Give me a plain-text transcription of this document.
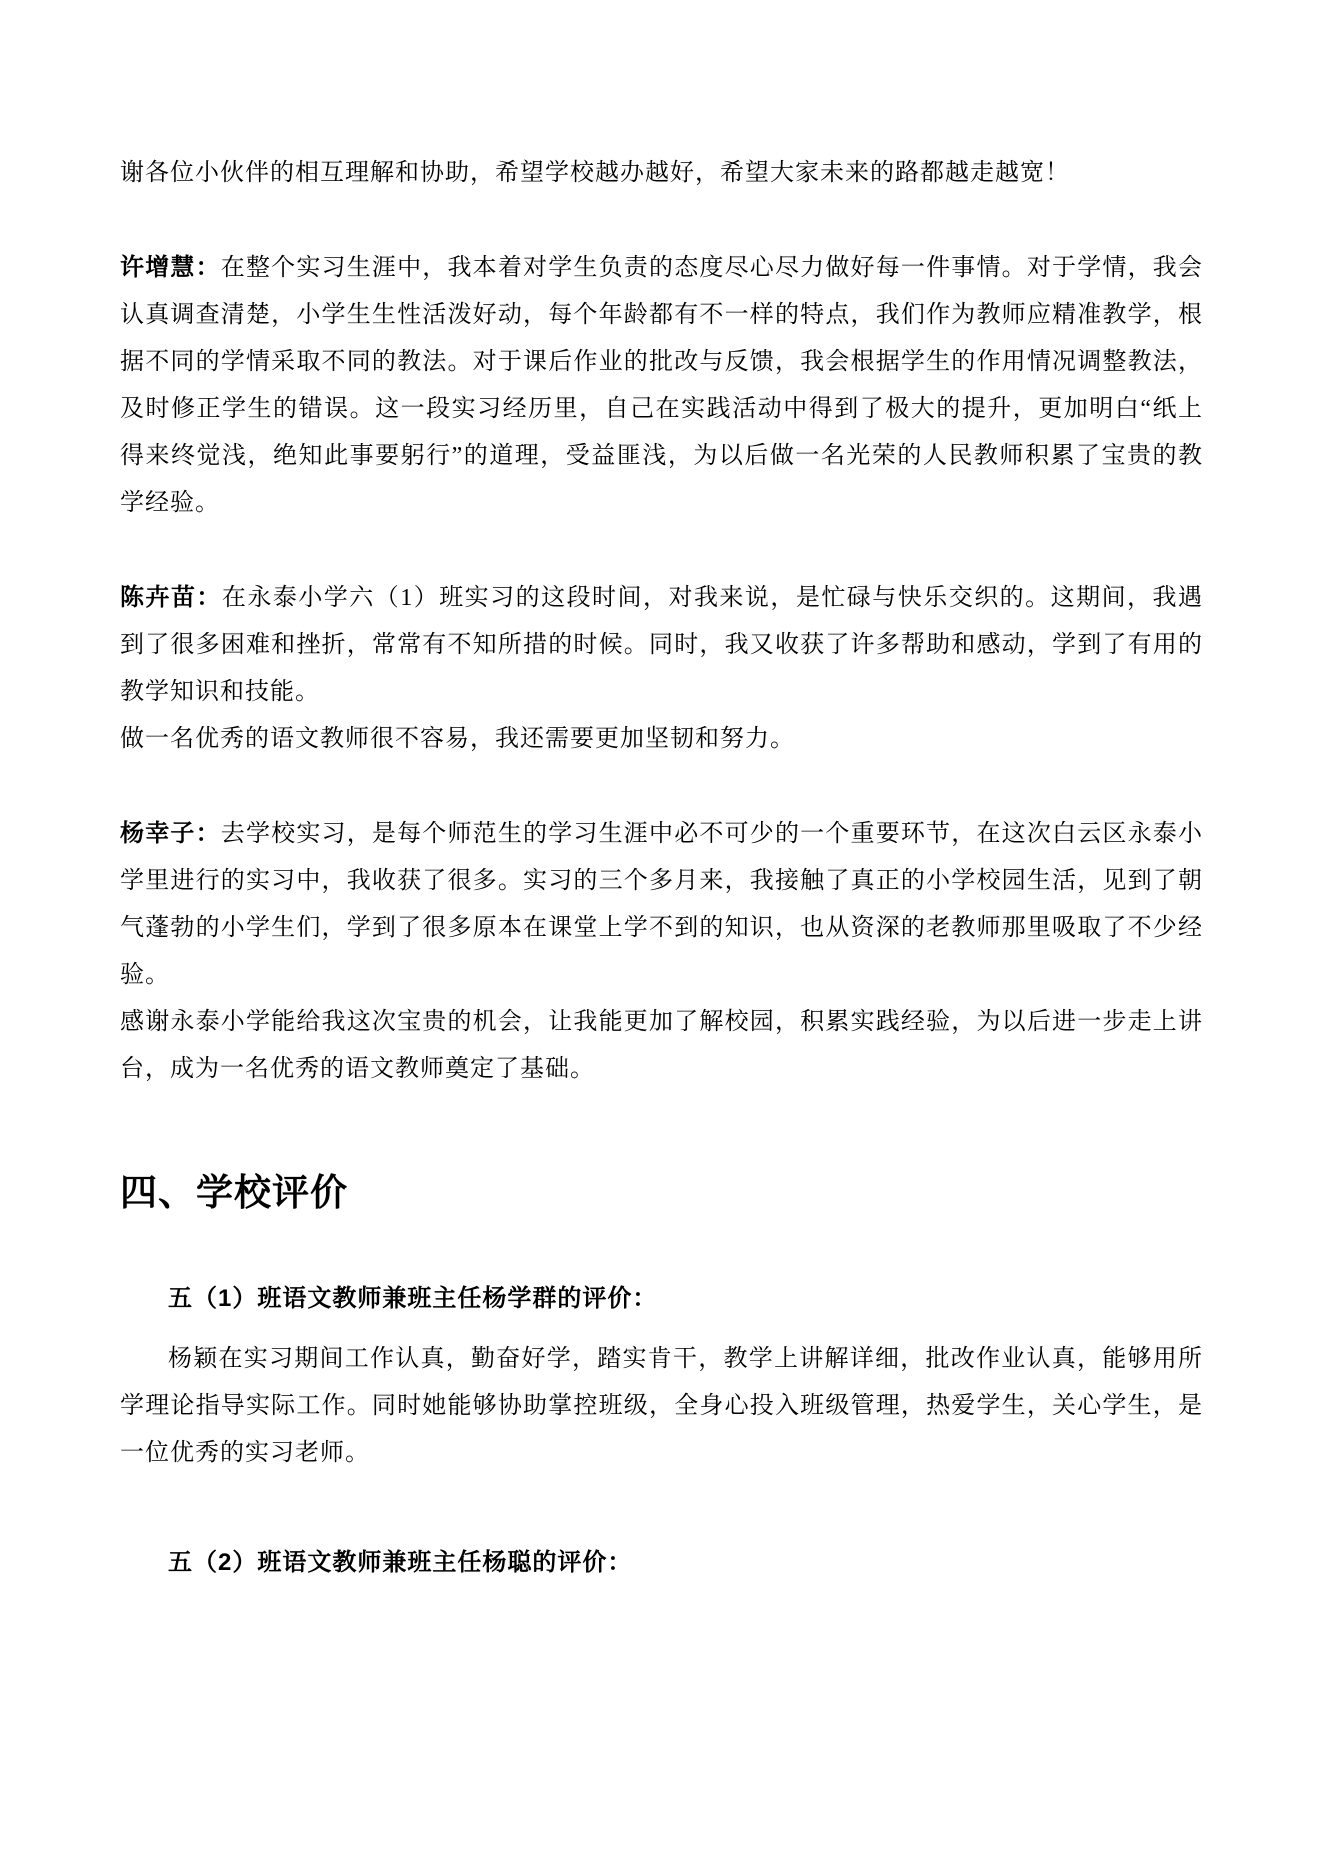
谢各位小伙伴的相互理解和协助，希望学校越办越好，希望大家未来的路都越走越宽！

许增慧：在整个实习生涯中，我本着对学生负责的态度尽心尽力做好每一件事情。对于学情，我会认真调查清楚，小学生生性活泼好动，每个年龄都有不一样的特点，我们作为教师应精准教学，根据不同的学情采取不同的教法。对于课后作业的批改与反馈，我会根据学生的作用情况调整教法，及时修正学生的错误。这一段实习经历里，自己在实践活动中得到了极大的提升，更加明白“纸上得来终觉浅，绝知此事要躬行”的道理，受益匪浅，为以后做一名光荣的人民教师积累了宝贵的教学经验。

陈卉苗：在永泰小学六（1）班实习的这段时间，对我来说，是忙碌与快乐交织的。这期间，我遇到了很多困难和挫折，常常有不知所措的时候。同时，我又收获了许多帮助和感动，学到了有用的教学知识和技能。

做一名优秀的语文教师很不容易，我还需要更加坚韧和努力。

杨幸子：去学校实习，是每个师范生的学习生涯中必不可少的一个重要环节，在这次白云区永泰小学里进行的实习中，我收获了很多。实习的三个多月来，我接触了真正的小学校园生活，见到了朝气蓬勃的小学生们，学到了很多原本在课堂上学不到的知识，也从资深的老教师那里吸取了不少经验。

感谢永泰小学能给我这次宝贵的机会，让我能更加了解校园，积累实践经验，为以后进一步走上讲台，成为一名优秀的语文教师奠定了基础。

四、学校评价
五（1）班语文教师兼班主任杨学群的评价：

杨颖在实习期间工作认真，勤奋好学，踏实肯干，教学上讲解详细，批改作业认真，能够用所学理论指导实际工作。同时她能够协助掌控班级，全身心投入班级管理，热爱学生，关心学生，是一位优秀的实习老师。

五（2）班语文教师兼班主任杨聪的评价：
